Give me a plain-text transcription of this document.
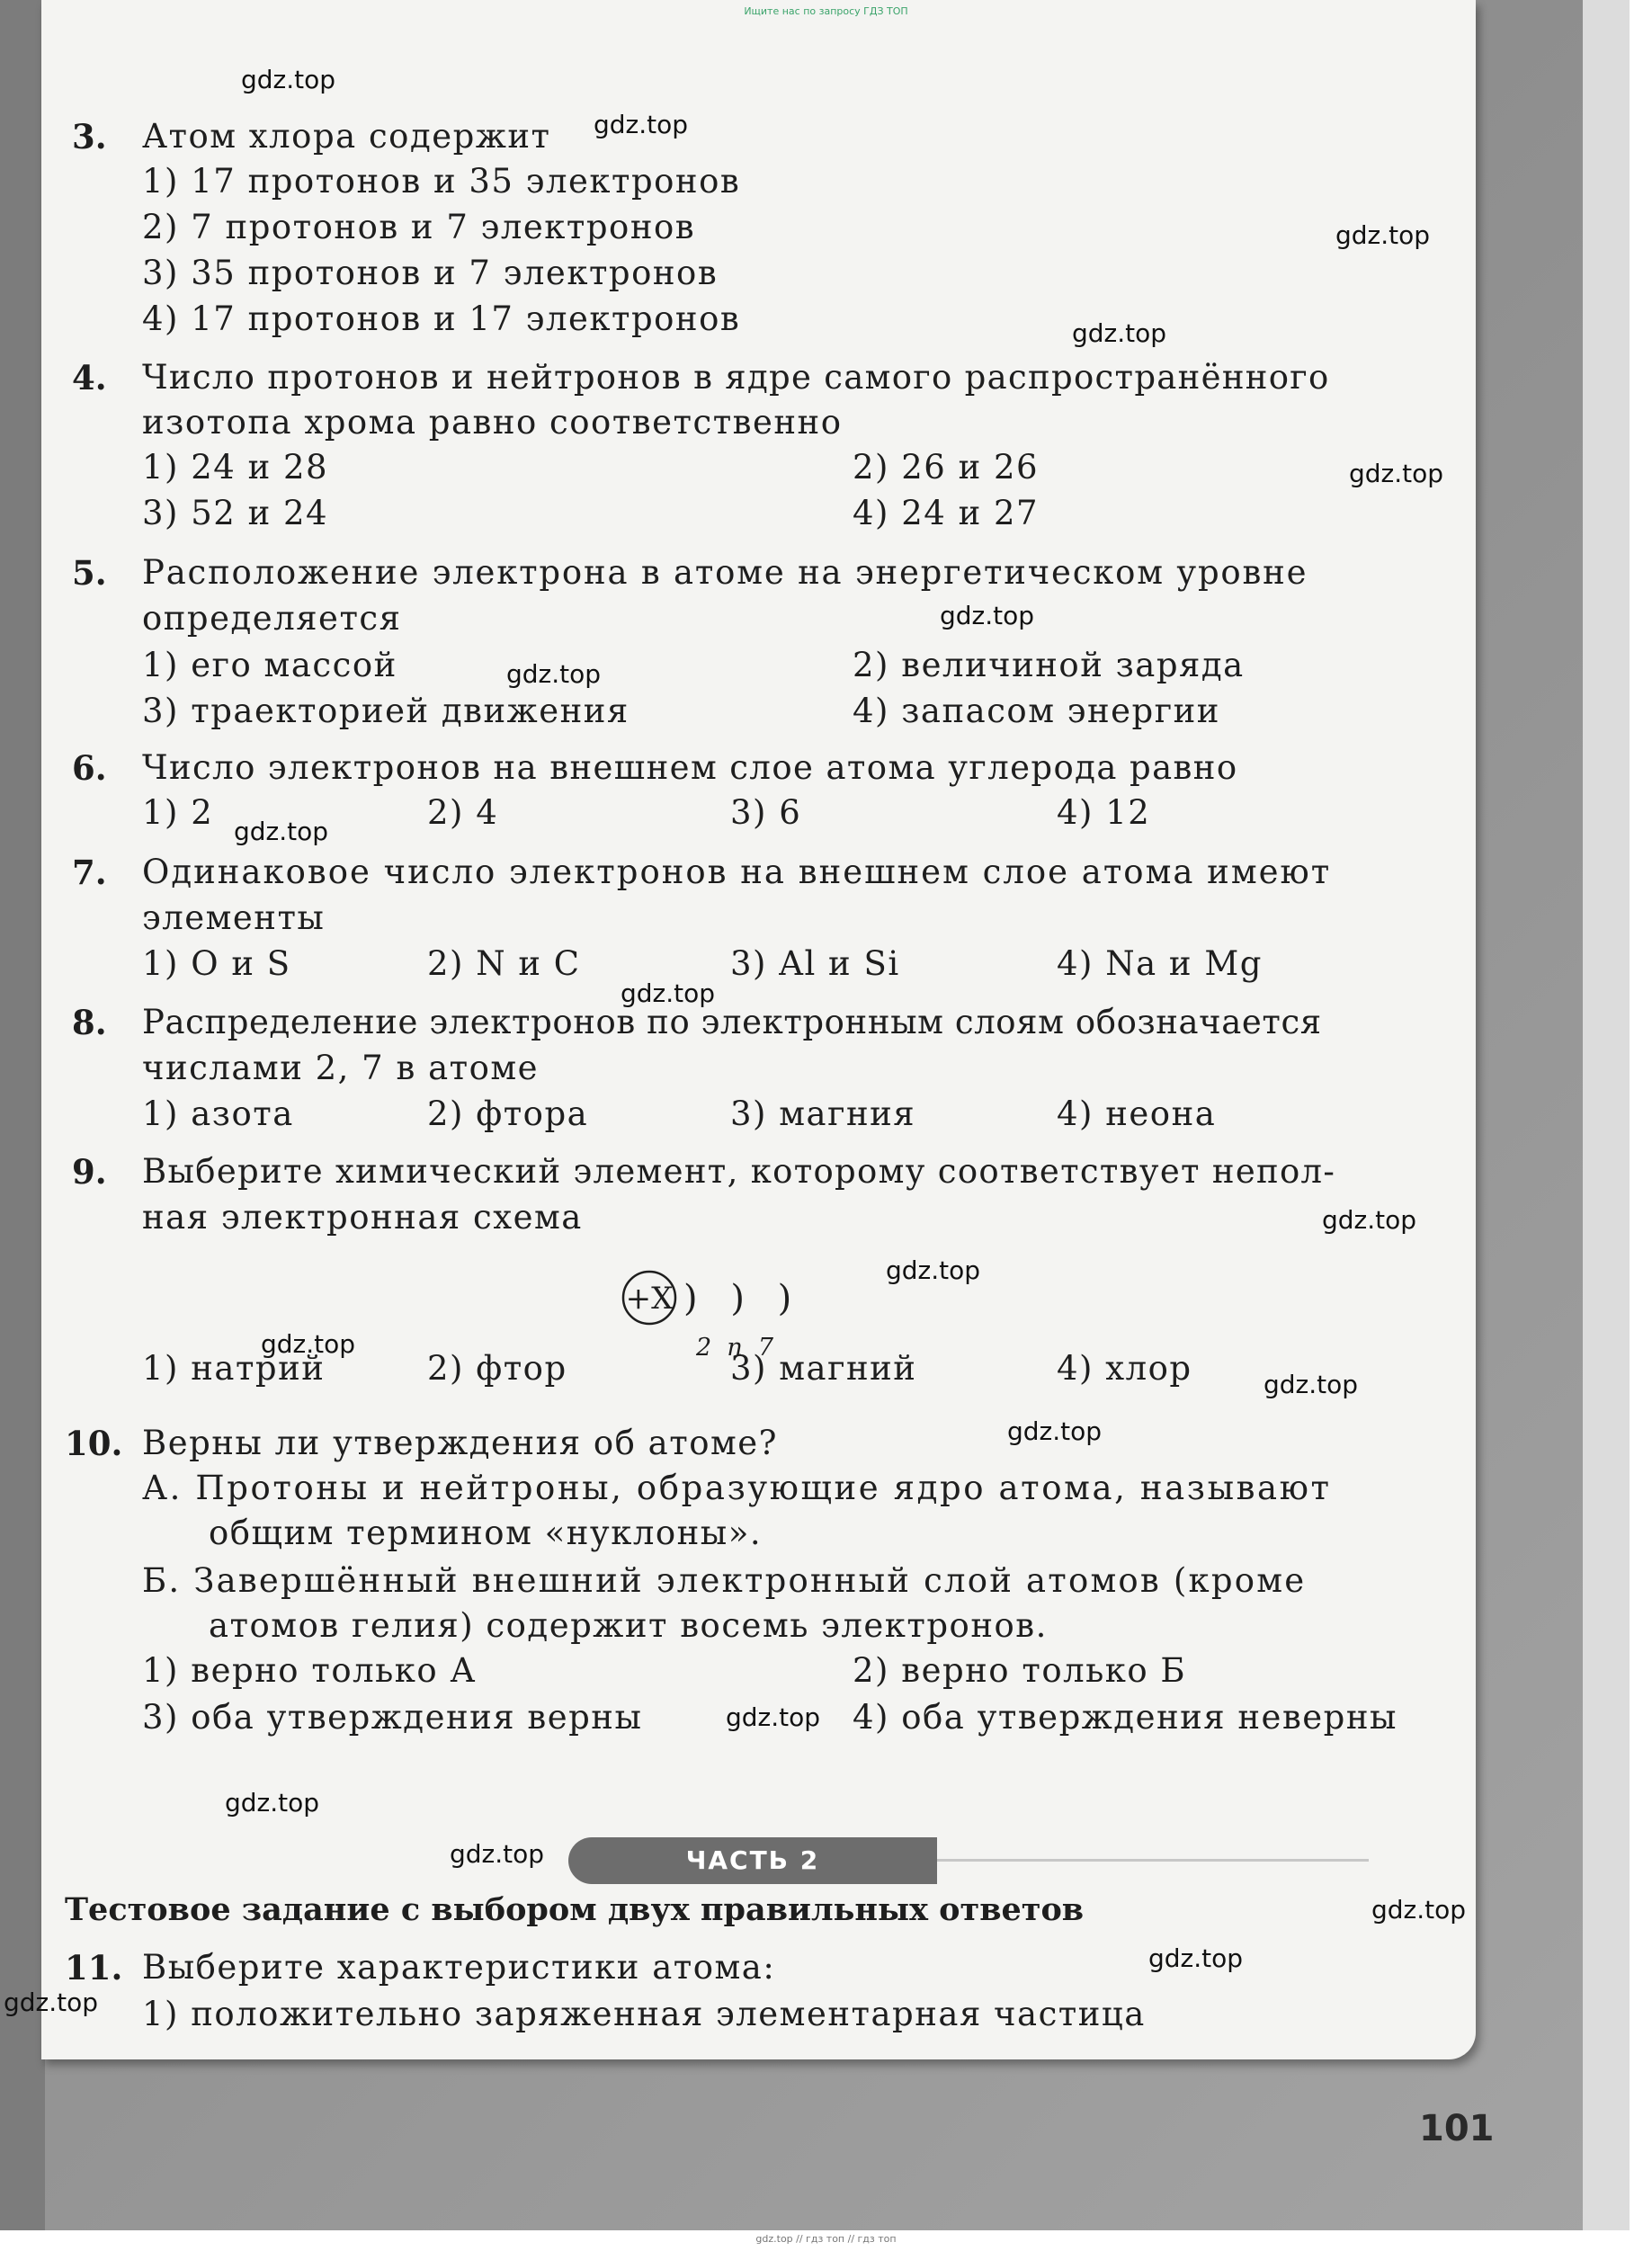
Ищите нас по запросу ГДЗ ТОП
3. Атом хлора содержит
1) 17 протонов и 35 электронов
2) 7 протонов и 7 электронов
3) 35 протонов и 7 электронов
4) 17 протонов и 17 электронов
4. Число протонов и нейтронов в ядре самого распространённого
изотопа хрома равно соответственно
1) 24 и 28	2) 26 и 26
3) 52 и 24	4) 24 и 27
5. Расположение электрона в атоме на энергетическом уровне
определяется
1) его массой	2) величиной заряда
3) траекторией движения	4) запасом энергии
6. Число электронов на внешнем слое атома углерода равно
1) 2	2) 4	3) 6	4) 12
7. Одинаковое число электронов на внешнем слое атома имеют
элементы
1) O и S	2) N и C	3) Al и Si	4) Na и Mg
8. Распределение электронов по электронным слоям обозначается
числами 2, 7 в атоме
1) азота	2) фтора	3) магния	4) неона
9. Выберите химический элемент, которому соответствует непол-
ная электронная схема
+X ) ) )
2  n  7
1) натрий	2) фтор	3) магний	4) хлор
10. Верны ли утверждения об атоме?
А. Протоны и нейтроны, образующие ядро атома, называют
общим термином «нуклоны».
Б. Завершённый внешний электронный слой атомов (кроме
атомов гелия) содержит восемь электронов.
1) верно только А	2) верно только Б
3) оба утверждения верны	4) оба утверждения неверны
ЧАСТЬ 2
Тестовое задание с выбором двух правильных ответов
11. Выберите характеристики атома:
1) положительно заряженная элементарная частица
101
gdz.top
gdz.top
gdz.top
gdz.top
gdz.top
gdz.top
gdz.top
gdz.top
gdz.top
gdz.top
gdz.top
gdz.top
gdz.top
gdz.top
gdz.top
gdz.top
gdz.top
gdz.top
gdz.top
gdz.top
gdz.top // гдз топ // гдз топ
